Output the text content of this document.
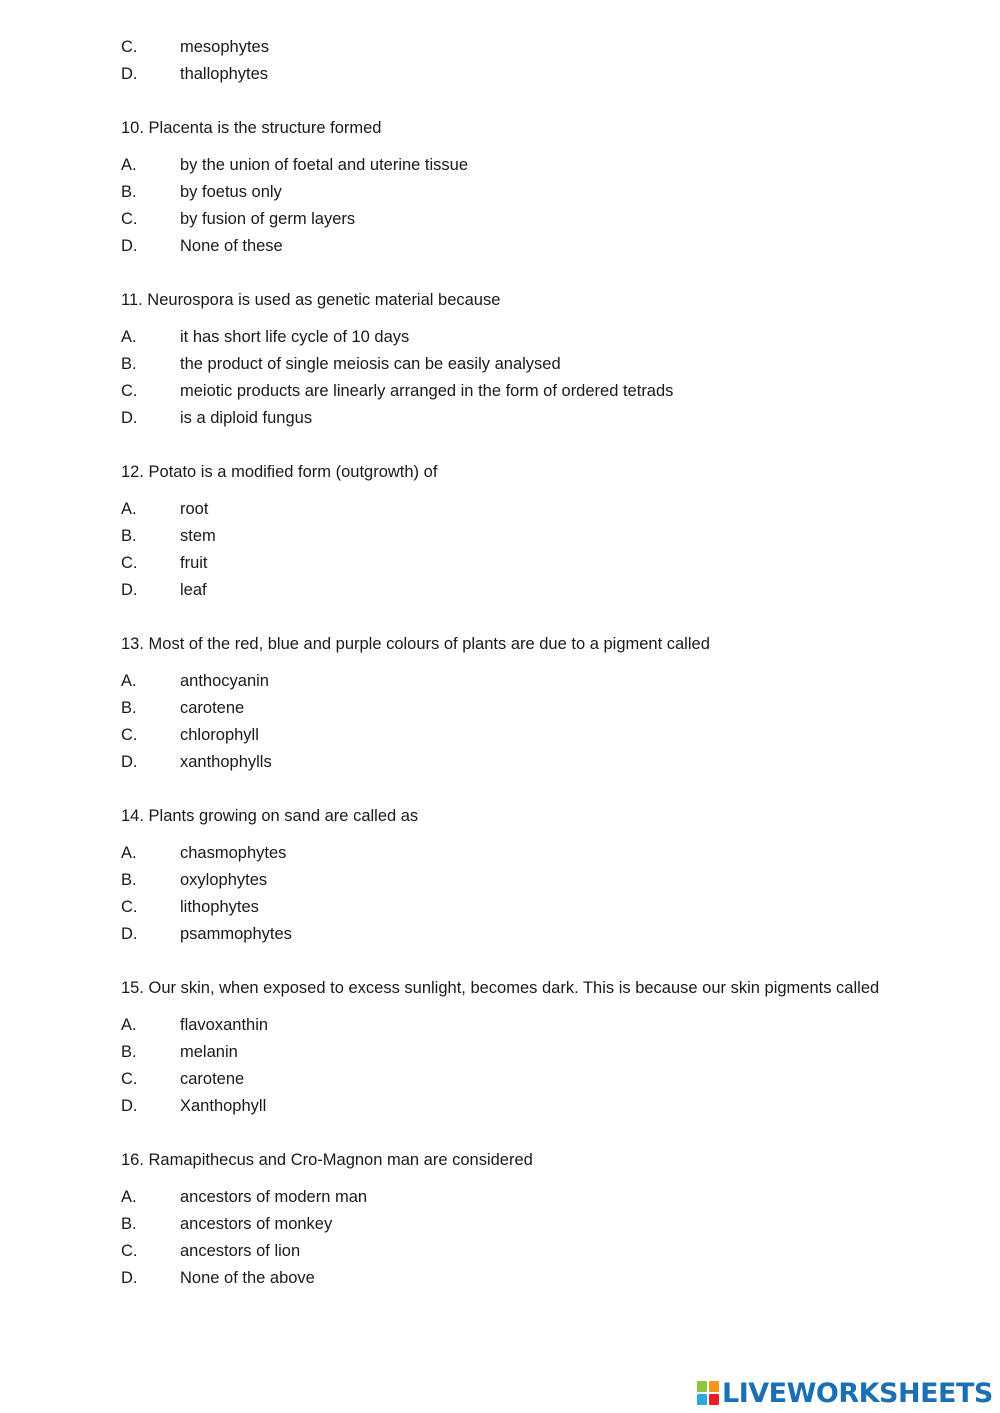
C.	mesophytes
D.	thallophytes
10. Placenta is the structure formed
A.	by the union of foetal and uterine tissue
B.	by foetus only
C.	by fusion of germ layers
D.	None of these
11. Neurospora is used as genetic material because
A.	it has short life cycle of 10 days
B.	the product of single meiosis can be easily analysed
C.	meiotic products are linearly arranged in the form of ordered tetrads
D.	is a diploid fungus
12. Potato is a modified form (outgrowth) of
A.	root
B.	stem
C.	fruit
D.	leaf
13. Most of the red, blue and purple colours of plants are due to a pigment called
A.	anthocyanin
B.	carotene
C.	chlorophyll
D.	xanthophylls
14. Plants growing on sand are called as
A.	chasmophytes
B.	oxylophytes
C.	lithophytes
D.	psammophytes
15. Our skin, when exposed to excess sunlight, becomes dark. This is because our skin pigments called
A.	flavoxanthin
B.	melanin
C.	carotene
D.	Xanthophyll
16. Ramapithecus and Cro-Magnon man are considered
A.	ancestors of modern man
B.	ancestors of monkey
C.	ancestors of lion
D.	None of the above
LIVEWORKSHEETS
